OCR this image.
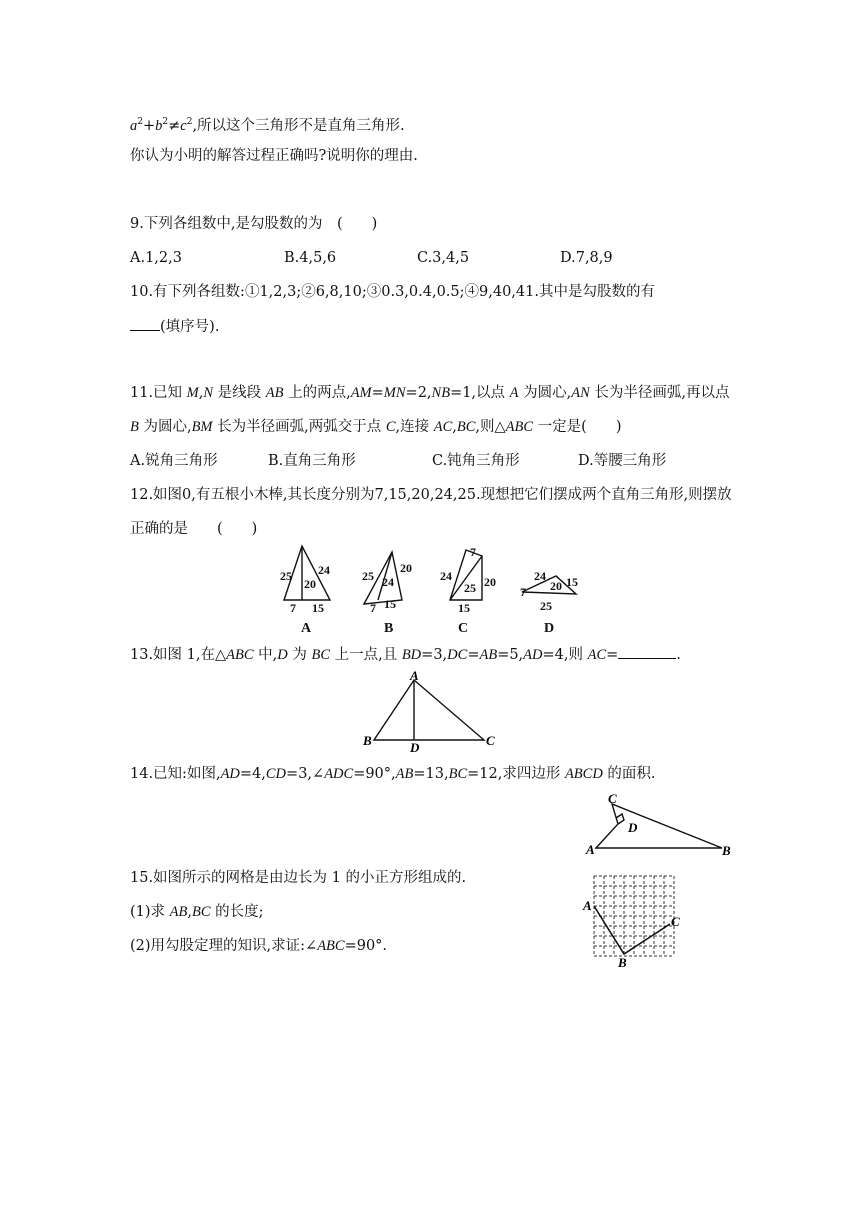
$a^2+b^2\ne c^2$,所以这个三角形不是直角三角形.
你认为小明的解答过程正确吗?说明你的理由.
9.下列各组数中,是勾股数的为　(　　)
A.1,2,3	B.4,5,6	C.3,4,5	D.7,8,9
10.有下列各组数:①1,2,3;②6,8,10;③0.3,0.4,0.5;④9,40,41.其中是勾股数的有
(填序号).
11.已知 M,N 是线段 AB 上的两点,AM=MN=2,NB=1,以点 A 为圆心,AN 长为半径画弧,再以点
B 为圆心,BM 长为半径画弧,两弧交于点 C,连接 AC,BC,则△ABC 一定是(　　)
A.锐角三角形	B.直角三角形	C.钝角三角形	D.等腰三角形
12.如图0,有五根小木棒,其长度分别为7,15,20,24,25.现想把它们摆成两个直角三角形,则摆放
正确的是　　(　　)
25
20
24
7 15
A
25 24
20
7 15
B
7
24
25 20
15
C
24
20 15
7
25
D
13.如图 1,在△ABC 中,D 为 BC 上一点,且 BD=3,DC=AB=5,AD=4,则 AC=	.
A
B	D	C
14.已知:如图,AD=4,CD=3,∠ADC=90°,AB=13,BC=12,求四边形 ABCD 的面积.
C
D
A	B
15.如图所示的网格是由边长为 1 的小正方形组成的.
(1)求 AB,BC 的长度;
(2)用勾股定理的知识,求证:∠ABC=90°.
A
C
B
